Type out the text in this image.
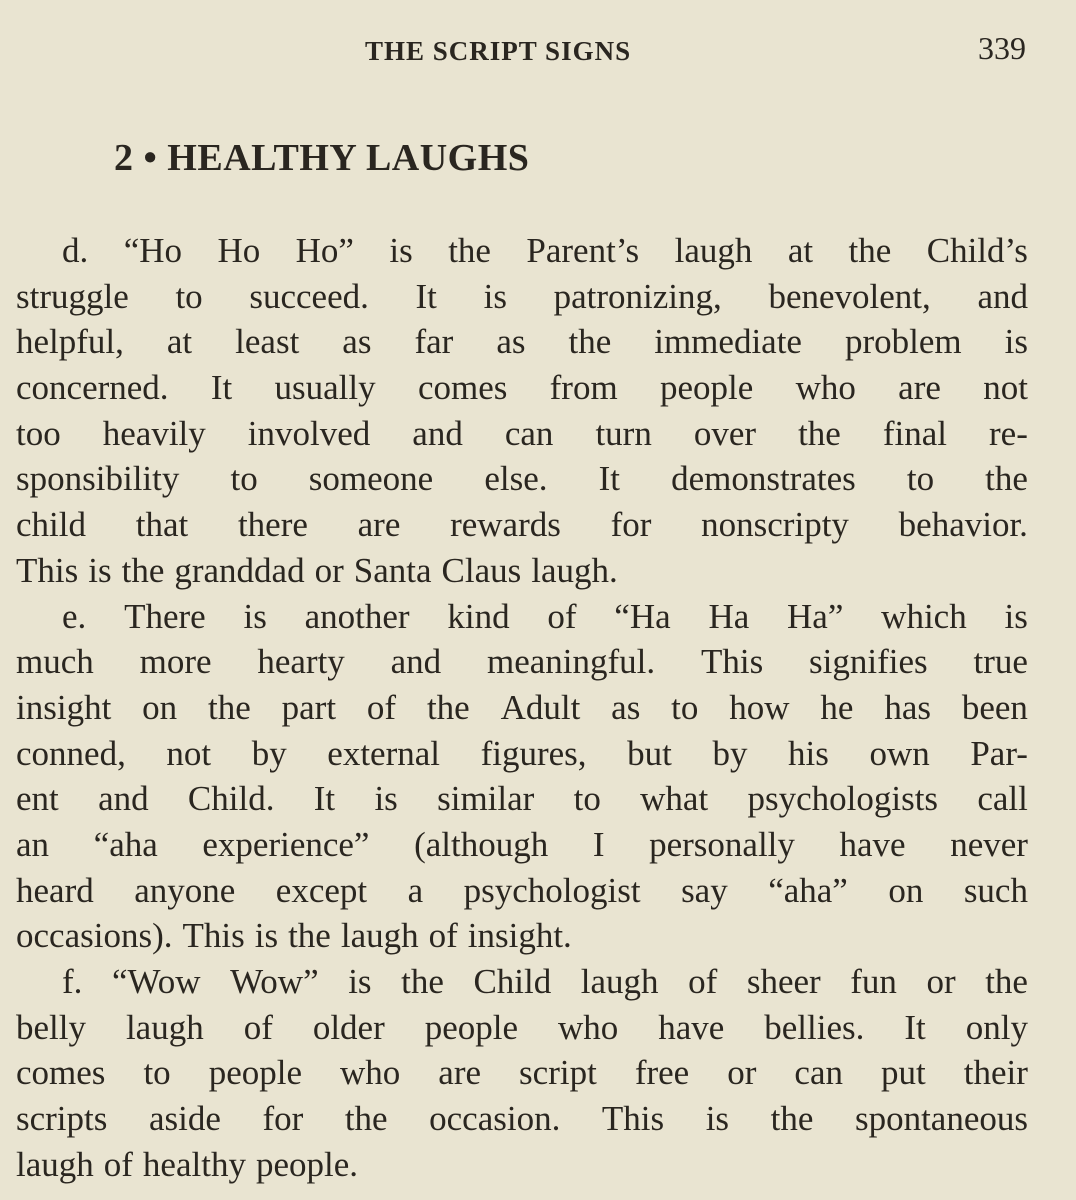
THE SCRIPT SIGNS	339
2 • HEALTHY LAUGHS
d. “Ho Ho Ho” is the Parent’s laugh at the Child’s
struggle to succeed. It is patronizing, benevolent, and
helpful, at least as far as the immediate problem is
concerned. It usually comes from people who are not
too heavily involved and can turn over the final re-
sponsibility to someone else. It demonstrates to the
child that there are rewards for nonscripty behavior.
This is the granddad or Santa Claus laugh.
e. There is another kind of “Ha Ha Ha” which is
much more hearty and meaningful. This signifies true
insight on the part of the Adult as to how he has been
conned, not by external figures, but by his own Par-
ent and Child. It is similar to what psychologists call
an “aha experience” (although I personally have never
heard anyone except a psychologist say “aha” on such
occasions). This is the laugh of insight.
f. “Wow Wow” is the Child laugh of sheer fun or the
belly laugh of older people who have bellies. It only
comes to people who are script free or can put their
scripts aside for the occasion. This is the spontaneous
laugh of healthy people.
